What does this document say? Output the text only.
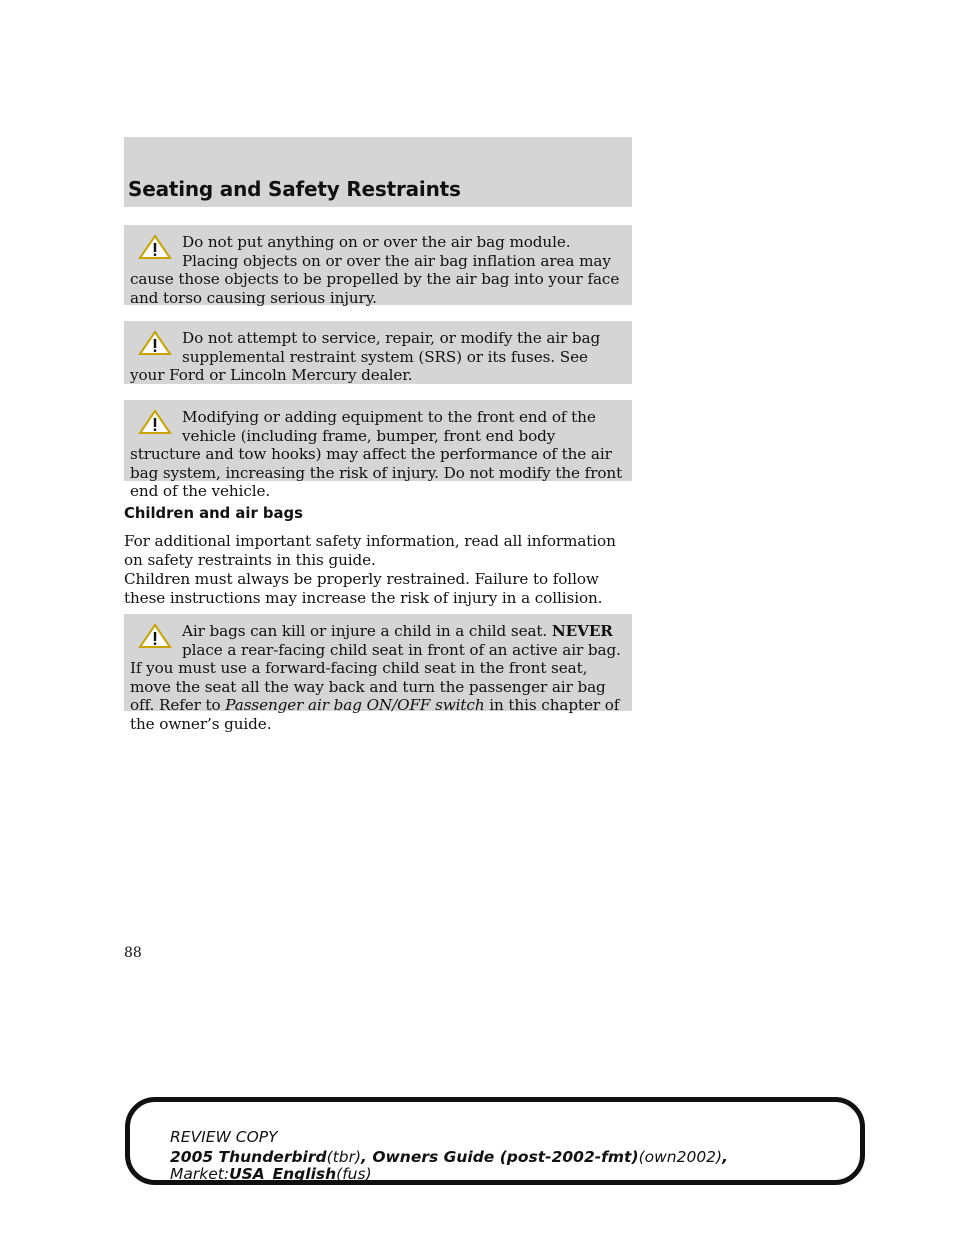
Seating and Safety Restraints

Do not put anything on or over the air bag module. Placing objects on or over the air bag inflation area may cause those objects to be propelled by the air bag into your face and torso causing serious injury.

Do not attempt to service, repair, or modify the air bag supplemental restraint system (SRS) or its fuses. See your Ford or Lincoln Mercury dealer.

Modifying or adding equipment to the front end of the vehicle (including frame, bumper, front end body structure and tow hooks) may affect the performance of the air bag system, increasing the risk of injury. Do not modify the front end of the vehicle.

Children and air bags

For additional important safety information, read all information on safety restraints in this guide.

Children must always be properly restrained. Failure to follow these instructions may increase the risk of injury in a collision.

Air bags can kill or injure a child in a child seat. NEVER place a rear-facing child seat in front of an active air bag. If you must use a forward-facing child seat in the front seat, move the seat all the way back and turn the passenger air bag off. Refer to Passenger air bag ON/OFF switch in this chapter of the owner’s guide.

88
REVIEW COPY
2005 Thunderbird(tbr), Owners Guide (post-2002-fmt)(own2002),
Market:USA_English(fus)
